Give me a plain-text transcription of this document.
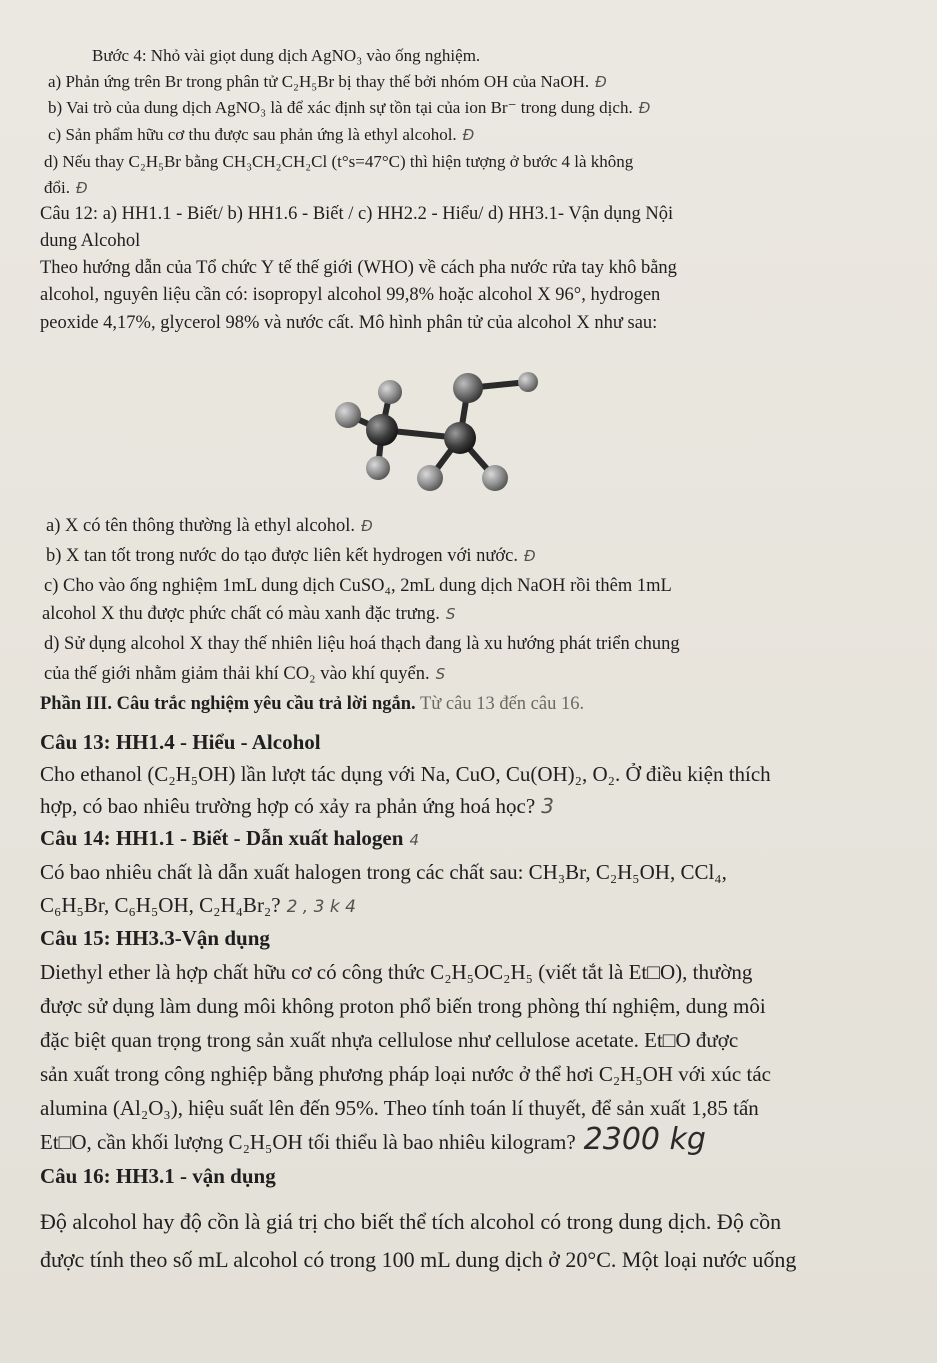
Bước 4: Nhỏ vài giọt dung dịch AgNO₃ vào ống nghiệm.
a) Phản ứng trên Br trong phân tử C₂H₅Br bị thay thế bởi nhóm OH của NaOH. Đ
b) Vai trò của dung dịch AgNO₃ là để xác định sự tồn tại của ion Br⁻ trong dung dịch. Đ
c) Sản phẩm hữu cơ thu được sau phản ứng là ethyl alcohol. Đ
d) Nếu thay C₂H₅Br bằng CH₃CH₂CH₂Cl (t°s=47°C) thì hiện tượng ở bước 4 là không
đổi. Đ
Câu 12: a) HH1.1 - Biết/ b) HH1.6 - Biết / c) HH2.2 - Hiểu/ d) HH3.1- Vận dụng Nội
dung Alcohol
Theo hướng dẫn của Tổ chức Y tế thế giới (WHO) về cách pha nước rửa tay khô bằng
alcohol, nguyên liệu cần có: isopropyl alcohol 99,8% hoặc alcohol X 96°, hydrogen
peoxide 4,17%, glycerol 98% và nước cất. Mô hình phân tử của alcohol X như sau:
a) X có tên thông thường là ethyl alcohol. Đ
b) X tan tốt trong nước do tạo được liên kết hydrogen với nước. Đ
c) Cho vào ống nghiệm 1mL dung dịch CuSO₄, 2mL dung dịch NaOH rồi thêm 1mL
alcohol X thu được phức chất có màu xanh đặc trưng. S
d) Sử dụng alcohol X thay thế nhiên liệu hoá thạch đang là xu hướng phát triển chung
của thế giới nhằm giảm thải khí CO₂ vào khí quyển. S
Phần III. Câu trắc nghiệm yêu cầu trả lời ngắn. Từ câu 13 đến câu 16.
Câu 13: HH1.4 - Hiểu - Alcohol
Cho ethanol (C₂H₅OH) lần lượt tác dụng với Na, CuO, Cu(OH)₂, O₂. Ở điều kiện thích
hợp, có bao nhiêu trường hợp có xảy ra phản ứng hoá học? 3
Câu 14: HH1.1 - Biết - Dẫn xuất halogen 4
Có bao nhiêu chất là dẫn xuất halogen trong các chất sau: CH₃Br, C₂H₅OH, CCl₄,
C₆H₅Br, C₆H₅OH, C₂H₄Br₂? 2 , 3 k 4
Câu 15: HH3.3-Vận dụng
Diethyl ether là hợp chất hữu cơ có công thức C₂H₅OC₂H₅ (viết tắt là Et□O), thường
được sử dụng làm dung môi không proton phổ biến trong phòng thí nghiệm, dung môi
đặc biệt quan trọng trong sản xuất nhựa cellulose như cellulose acetate. Et□O được
sản xuất trong công nghiệp bằng phương pháp loại nước ở thể hơi C₂H₅OH với xúc tác
alumina (Al₂O₃), hiệu suất lên đến 95%. Theo tính toán lí thuyết, để sản xuất 1,85 tấn
Et□O, cần khối lượng C₂H₅OH tối thiểu là bao nhiêu kilogram? 2300 kg
Câu 16: HH3.1 - vận dụng
Độ alcohol hay độ cồn là giá trị cho biết thể tích alcohol có trong dung dịch. Độ cồn
được tính theo số mL alcohol có trong 100 mL dung dịch ở 20°C. Một loại nước uống
